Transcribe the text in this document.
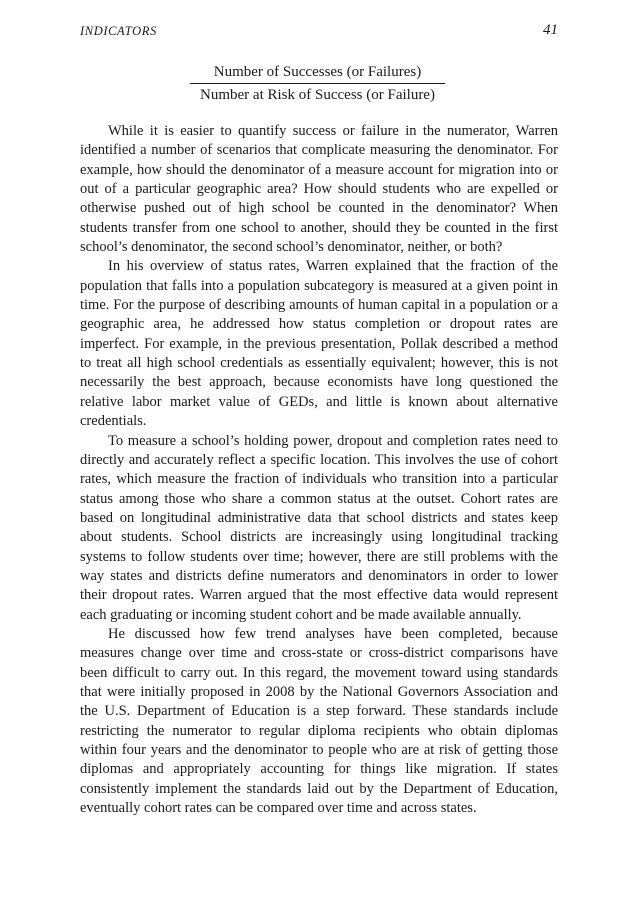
INDICATORS	41
Number of Successes (or Failures)
Number at Risk of Success (or Failure)

While it is easier to quantify success or failure in the numerator, Warren identified a number of scenarios that complicate measuring the denominator. For example, how should the denominator of a measure account for migration into or out of a particular geographic area? How should students who are expelled or otherwise pushed out of high school be counted in the denominator? When students transfer from one school to another, should they be counted in the first school’s denominator, the second school’s denominator, neither, or both?

In his overview of status rates, Warren explained that the fraction of the population that falls into a population subcategory is measured at a given point in time. For the purpose of describing amounts of human capital in a population or a geographic area, he addressed how status completion or dropout rates are imperfect. For example, in the previous presentation, Pollak described a method to treat all high school credentials as essentially equivalent; however, this is not necessarily the best approach, because economists have long questioned the relative labor market value of GEDs, and little is known about alternative credentials.

To measure a school’s holding power, dropout and completion rates need to directly and accurately reflect a specific location. This involves the use of cohort rates, which measure the fraction of individuals who transition into a particular status among those who share a common status at the outset. Cohort rates are based on longitudinal administrative data that school districts and states keep about students. School districts are increasingly using longitudinal tracking systems to follow students over time; however, there are still problems with the way states and districts define numerators and denominators in order to lower their dropout rates. Warren argued that the most effective data would represent each graduating or incoming student cohort and be made available annually.

He discussed how few trend analyses have been completed, because measures change over time and cross-state or cross-district comparisons have been difficult to carry out. In this regard, the movement toward using standards that were initially proposed in 2008 by the National Governors Association and the U.S. Department of Education is a step forward. These standards include restricting the numerator to regular diploma recipients who obtain diplomas within four years and the denominator to people who are at risk of getting those diplomas and appropriately accounting for things like migration. If states consistently implement the standards laid out by the Department of Education, eventually cohort rates can be compared over time and across states.
